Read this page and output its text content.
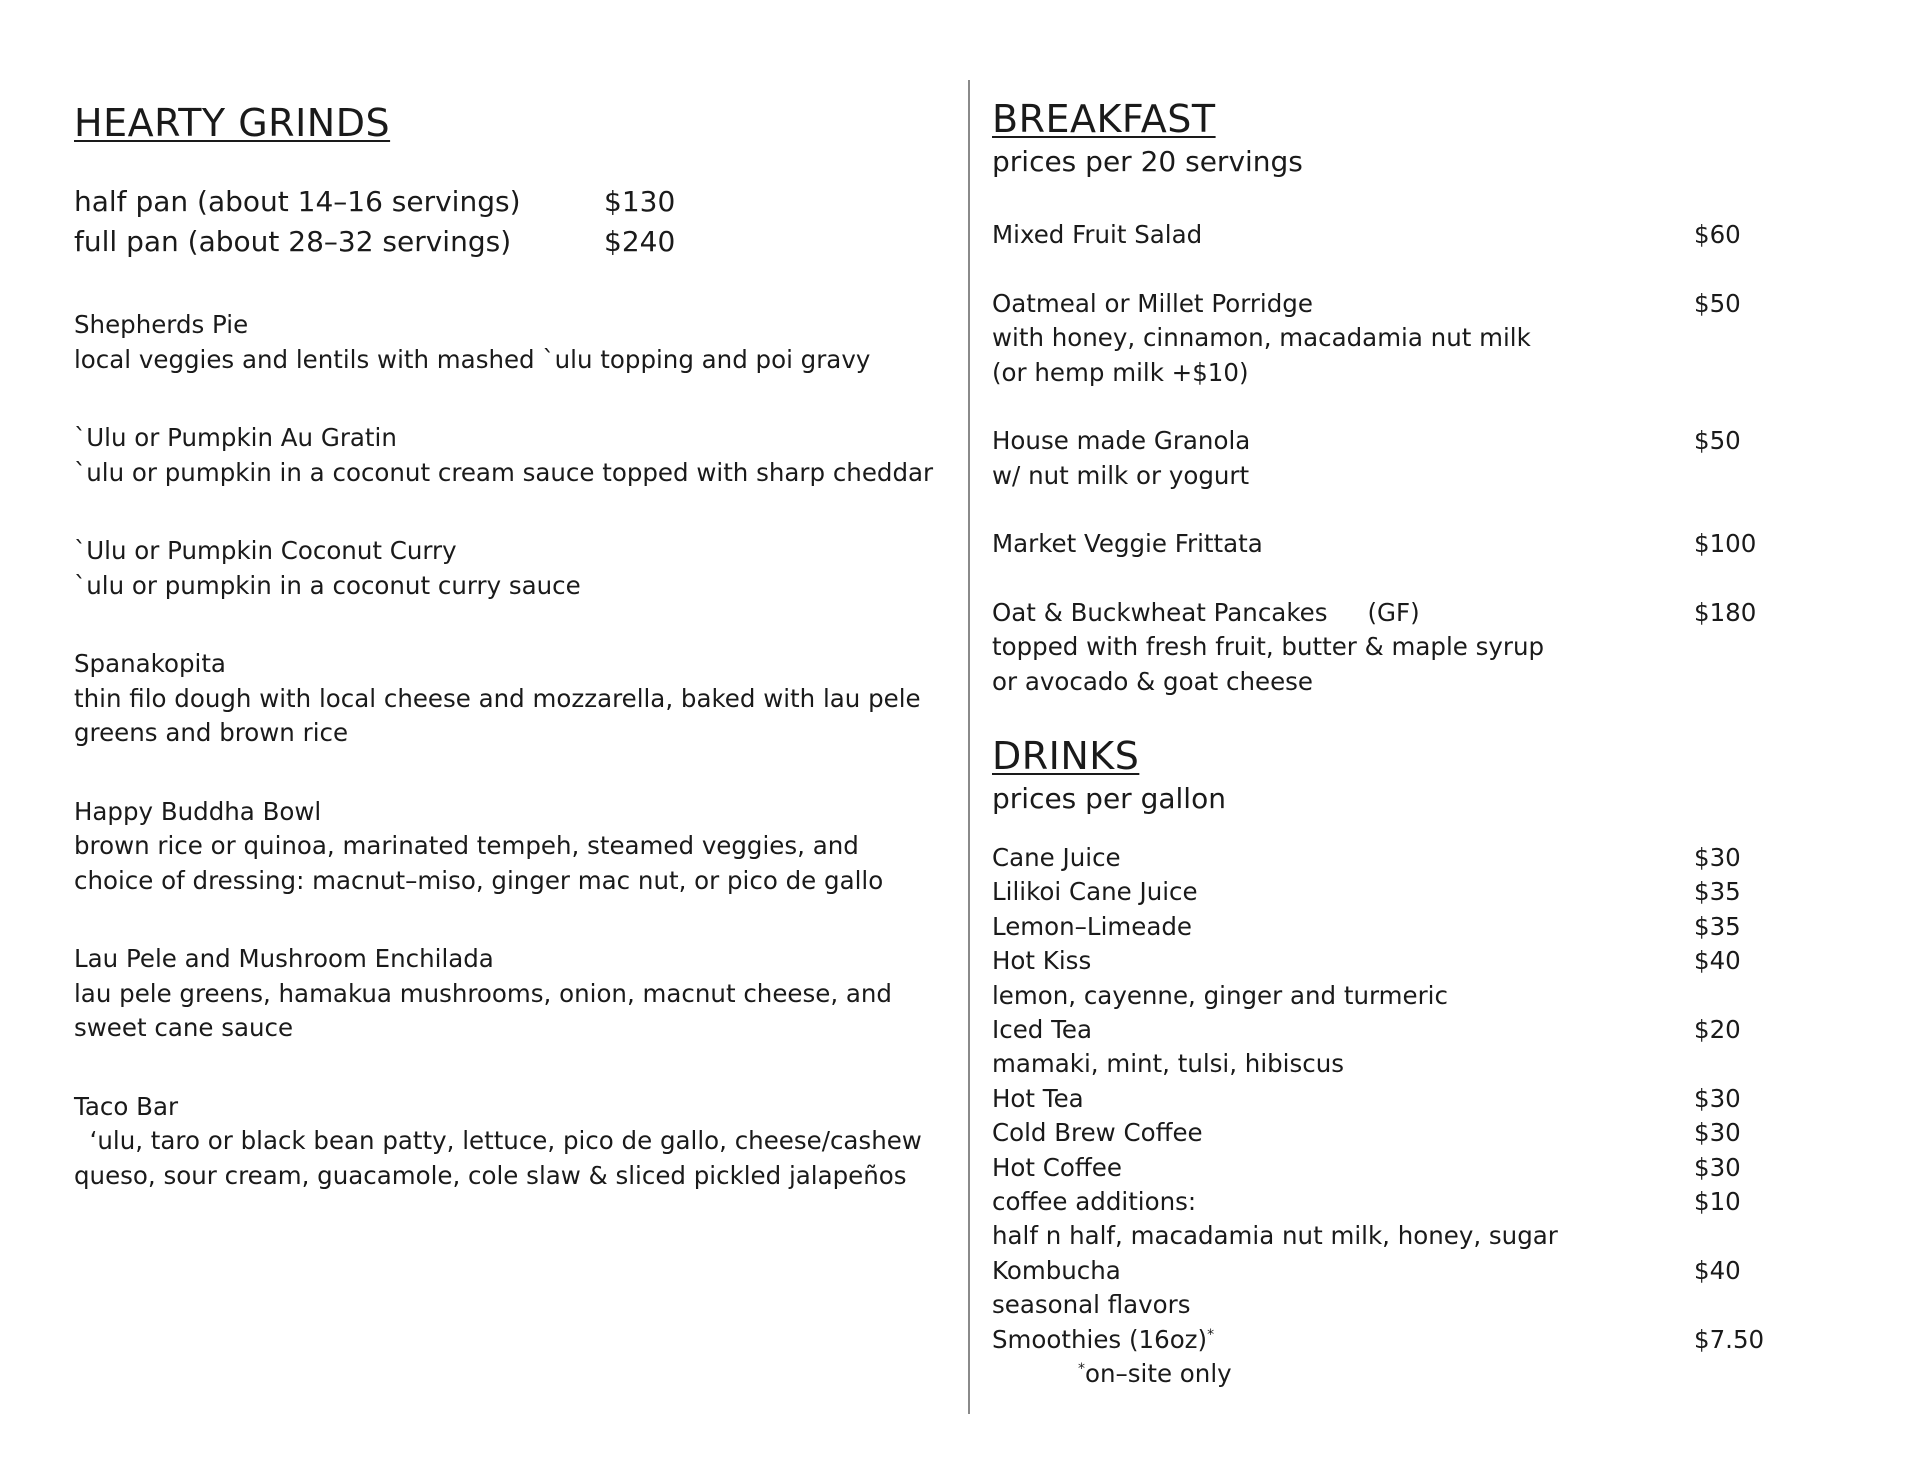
HEARTY GRINDS
half pan (about 14–16 servings)	$130
full pan (about 28–32 servings)	$240
Shepherds Pie
local veggies and lentils with mashed `ulu topping and poi gravy
`Ulu or Pumpkin Au Gratin
`ulu or pumpkin in a coconut cream sauce topped with sharp cheddar
`Ulu or Pumpkin Coconut Curry
`ulu or pumpkin in a coconut curry sauce
Spanakopita
thin filo dough with local cheese and mozzarella, baked with lau pele greens and brown rice
Happy Buddha Bowl
brown rice or quinoa, marinated tempeh, steamed veggies, and choice of dressing: macnut–miso, ginger mac nut, or pico de gallo
Lau Pele and Mushroom Enchilada
lau pele greens, hamakua mushrooms, onion, macnut cheese, and sweet cane sauce
Taco Bar
‘ulu, taro or black bean patty, lettuce, pico de gallo, cheese/cashew queso, sour cream, guacamole, cole slaw & sliced pickled jalapeños
BREAKFAST

prices per 20 servings

Mixed Fruit Salad	$60
Oatmeal or Millet Porridge	$50
with honey, cinnamon, macadamia nut milk
(or hemp milk +$10)
House made Granola	$50
w/ nut milk or yogurt
Market Veggie Frittata	$100
Oat & Buckwheat Pancakes (GF)	$180
topped with fresh fruit, butter & maple syrup
or avocado & goat cheese
DRINKS

prices per gallon

Cane Juice	$30
Lilikoi Cane Juice	$35
Lemon–Limeade	$35
Hot Kiss	$40
lemon, cayenne, ginger and turmeric
Iced Tea	$20
mamaki, mint, tulsi, hibiscus
Hot Tea	$30
Cold Brew Coffee	$30
Hot Coffee	$30
coffee additions:	$10
half n half, macadamia nut milk, honey, sugar
Kombucha	$40
seasonal flavors
Smoothies (16oz)*	$7.50
*on–site only
